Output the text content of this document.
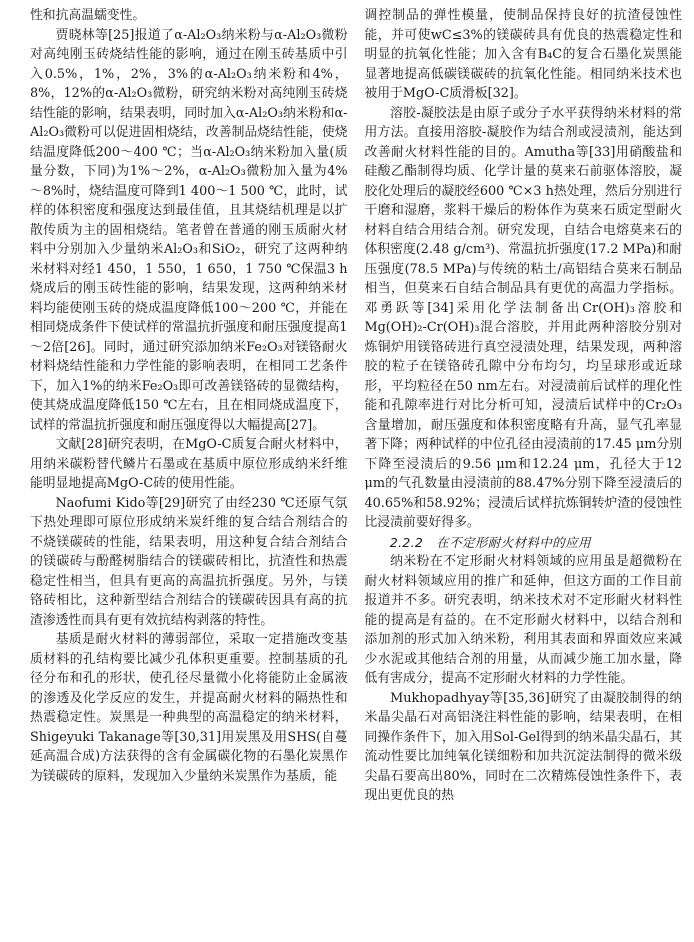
性和抗高温蠕变性。

贾晓林等[25]报道了α-Al₂O₃纳米粉与α-Al₂O₃微粉对高纯刚玉砖烧结性能的影响，通过在刚玉砖基质中引入0.5%，1%，2%，3%的α-Al₂O₃纳米粉和4%，8%，12%的α-Al₂O₃微粉，研究纳米粉对高纯刚玉砖烧结性能的影响，结果表明，同时加入α-Al₂O₃纳米粉和α-Al₂O₃微粉可以促进固相烧结，改善制品烧结性能，使烧结温度降低200～400 ℃；当α-Al₂O₃纳米粉加入量(质量分数，下同)为1%～2%，α-Al₂O₃微粉加入量为4%～8%时，烧结温度可降到1 400～1 500 ℃，此时，试样的体积密度和强度达到最佳值，且其烧结机理是以扩散传质为主的固相烧结。笔者曾在普通的刚玉质耐火材料中分别加入少量纳米Al₂O₃和SiO₂，研究了这两种纳米材料对经1 450，1 550，1 650，1 750 ℃保温3 h烧成后的刚玉砖性能的影响，结果发现，这两种纳米材料均能使刚玉砖的烧成温度降低100～200 ℃，并能在相同烧成条件下使试样的常温抗折强度和耐压强度提高1～2倍[26]。同时，通过研究添加纳米Fe₂O₃对镁铬耐火材料烧结性能和力学性能的影响表明，在相同工艺条件下，加入1%的纳米Fe₂O₃即可改善镁铬砖的显微结构，使其烧成温度降低150 ℃左右，且在相同烧成温度下，试样的常温抗折强度和耐压强度得以大幅提高[27]。

文献[28]研究表明，在MgO-C质复合耐火材料中，用纳米碳粉替代鳞片石墨或在基质中原位形成纳米纤维能明显地提高MgO-C砖的使用性能。

Naofumi Kido等[29]研究了由经230 ℃还原气氛下热处理即可原位形成纳米炭纤维的复合结合剂结合的不烧镁碳砖的性能，结果表明，用这种复合结合剂结合的镁碳砖与酚醛树脂结合的镁碳砖相比，抗渣性和热震稳定性相当，但具有更高的高温抗折强度。另外，与镁铬砖相比，这种新型结合剂结合的镁碳砖因具有高的抗渣渗透性而具有更有效抗结构剥落的特性。

基质是耐火材料的薄弱部位，采取一定措施改变基质材料的孔结构要比减少孔体积更重要。控制基质的孔径分布和孔的形状，使孔径尽量微小化将能防止金属液的渗透及化学反应的发生，并提高耐火材料的隔热性和热震稳定性。炭黑是一种典型的高温稳定的纳米材料，Shigeyuki Takanage等[30,31]用炭黑及用SHS(自蔓延高温合成)方法获得的含有金属碳化物的石墨化炭黑作为镁碳砖的原料，发现加入少量纳米炭黑作为基质，能

调控制品的弹性模量，使制品保持良好的抗渣侵蚀性能，并可使wC≤3%的镁碳砖具有优良的热震稳定性和明显的抗氧化性能；加入含有B₄C的复合石墨化炭黑能显著地提高低碳镁碳砖的抗氧化性能。相同纳米技术也被用于MgO-C质滑板[32]。

溶胶-凝胶法是由原子或分子水平获得纳米材料的常用方法。直接用溶胶-凝胶作为结合剂或浸渍剂，能达到改善耐火材料性能的目的。Amutha等[33]用硝酸盐和硅酸乙酯制得均质、化学计量的莫来石前驱体溶胶，凝胶化处理后的凝胶经600 ℃×3 h热处理，然后分别进行干磨和湿磨，浆料干燥后的粉体作为莫来石质定型耐火材料自结合用结合剂。研究发现，自结合电熔莫来石的体积密度(2.48 g/cm³)、常温抗折强度(17.2 MPa)和耐压强度(78.5 MPa)与传统的粘土/高铝结合莫来石制品相当，但莫来石自结合制品具有更优的高温力学指标。邓勇跃等[34]采用化学法制备出Cr(OH)₃溶胶和Mg(OH)₂-Cr(OH)₃混合溶胶，并用此两种溶胶分别对炼铜炉用镁铬砖进行真空浸渍处理，结果发现，两种溶胶的粒子在镁铬砖孔隙中分布均匀，均呈球形或近球形，平均粒径在50 nm左右。对浸渍前后试样的理化性能和孔隙率进行对比分析可知，浸渍后试样中的Cr₂O₃含量增加，耐压强度和体积密度略有升高，显气孔率显著下降；两种试样的中位孔径由浸渍前的17.45 μm分别下降至浸渍后的9.56 μm和12.24 μm，孔径大于12 μm的气孔数量由浸渍前的88.47%分别下降至浸渍后的40.65%和58.92%；浸渍后试样抗炼铜转炉渣的侵蚀性比浸渍前要好得多。

2.2.2　在不定形耐火材料中的应用

纳米粉在不定形耐火材料领域的应用虽是超微粉在耐火材料领域应用的推广和延伸，但这方面的工作目前报道并不多。研究表明，纳米技术对不定形耐火材料性能的提高是有益的。在不定形耐火材料中，以结合剂和添加剂的形式加入纳米粉，利用其表面和界面效应来减少水泥或其他结合剂的用量，从而减少施工加水量，降低有害成分，提高不定形耐火材料的力学性能。

Mukhopadhyay等[35,36]研究了由凝胶制得的纳米晶尖晶石对高铝浇注料性能的影响，结果表明，在相同操作条件下，加入用Sol-Gel得到的纳米晶尖晶石，其流动性要比加纯氧化镁细粉和加共沉淀法制得的微米级尖晶石要高出80%，同时在二次精炼侵蚀性条件下，表现出更优良的热
